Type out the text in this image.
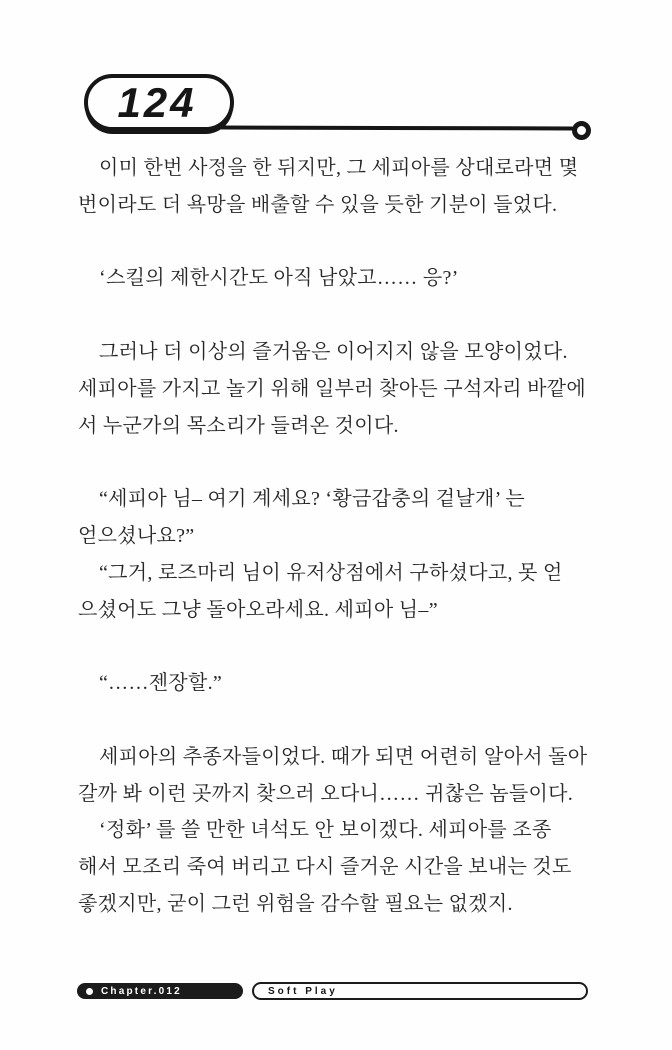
124

이미 한번 사정을 한 뒤지만, 그 세피아를 상대로라면 몇
번이라도 더 욕망을 배출할 수 있을 듯한 기분이 들었다.

‘스킬의 제한시간도 아직 남았고…… 응?’

그러나 더 이상의 즐거움은 이어지지 않을 모양이었다.
세피아를 가지고 놀기 위해 일부러 찾아든 구석자리 바깥에
서 누군가의 목소리가 들려온 것이다.

“세피아 님– 여기 계세요? ‘황금갑충의 겉날개’ 는
얻으셨나요?”

“그거, 로즈마리 님이 유저상점에서 구하셨다고, 못 얻
으셨어도 그냥 돌아오라세요. 세피아 님–”

“……젠장할.”

세피아의 추종자들이었다. 때가 되면 어련히 알아서 돌아
갈까 봐 이런 곳까지 찾으러 오다니…… 귀찮은 놈들이다.

‘정화’ 를 쓸 만한 녀석도 안 보이겠다. 세피아를 조종
해서 모조리 죽여 버리고 다시 즐거운 시간을 보내는 것도
좋겠지만, 굳이 그런 위험을 감수할 필요는 없겠지.

Chapter.012	Soft Play
